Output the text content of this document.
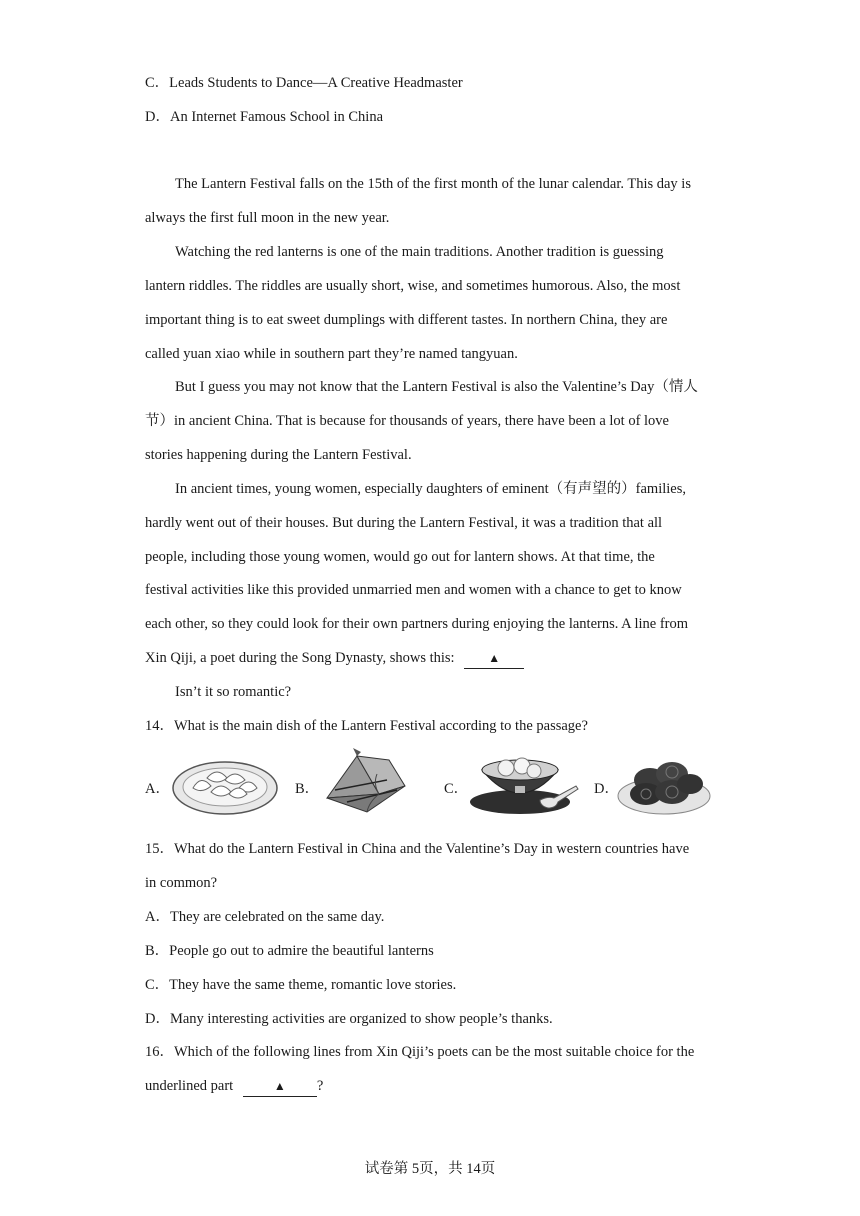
C．Leads Students to Dance—A Creative Headmaster
D．An Internet Famous School in China
The Lantern Festival falls on the 15th of the first month of the lunar calendar. This day is
always the first full moon in the new year.
Watching the red lanterns is one of the main traditions. Another tradition is guessing
lantern riddles. The riddles are usually short, wise, and sometimes humorous. Also, the most
important thing is to eat sweet dumplings with different tastes. In northern China, they are
called yuan xiao while in southern part they’re named tangyuan.
But I guess you may not know that the Lantern Festival is also the Valentine’s Day（情人
节）in ancient China. That is because for thousands of years, there have been a lot of love
stories happening during the Lantern Festival.
In ancient times, young women, especially daughters of eminent（有声望的）families,
hardly went out of their houses. But during the Lantern Festival, it was a tradition that all
people, including those young women, would go out for lantern shows. At that time, the
festival activities like this provided unmarried men and women with a chance to get to know
each other, so they could look for their own partners during enjoying the lanterns. A line from
Xin Qiji, a poet during the Song Dynasty, shows this:	▲
Isn’t it so romantic?
14．What is the main dish of the Lantern Festival according to the passage?
A．	B．	C．	D．
15．What do the Lantern Festival in China and the Valentine’s Day in western countries have
in common?
A．They are celebrated on the same day.
B．People go out to admire the beautiful lanterns
C．They have the same theme, romantic love stories.
D．Many interesting activities are organized to show people’s thanks.
16．Which of the following lines from Xin Qiji’s poets can be the most suitable choice for the
underlined part	▲ ?
试卷第 5页，共 14页
